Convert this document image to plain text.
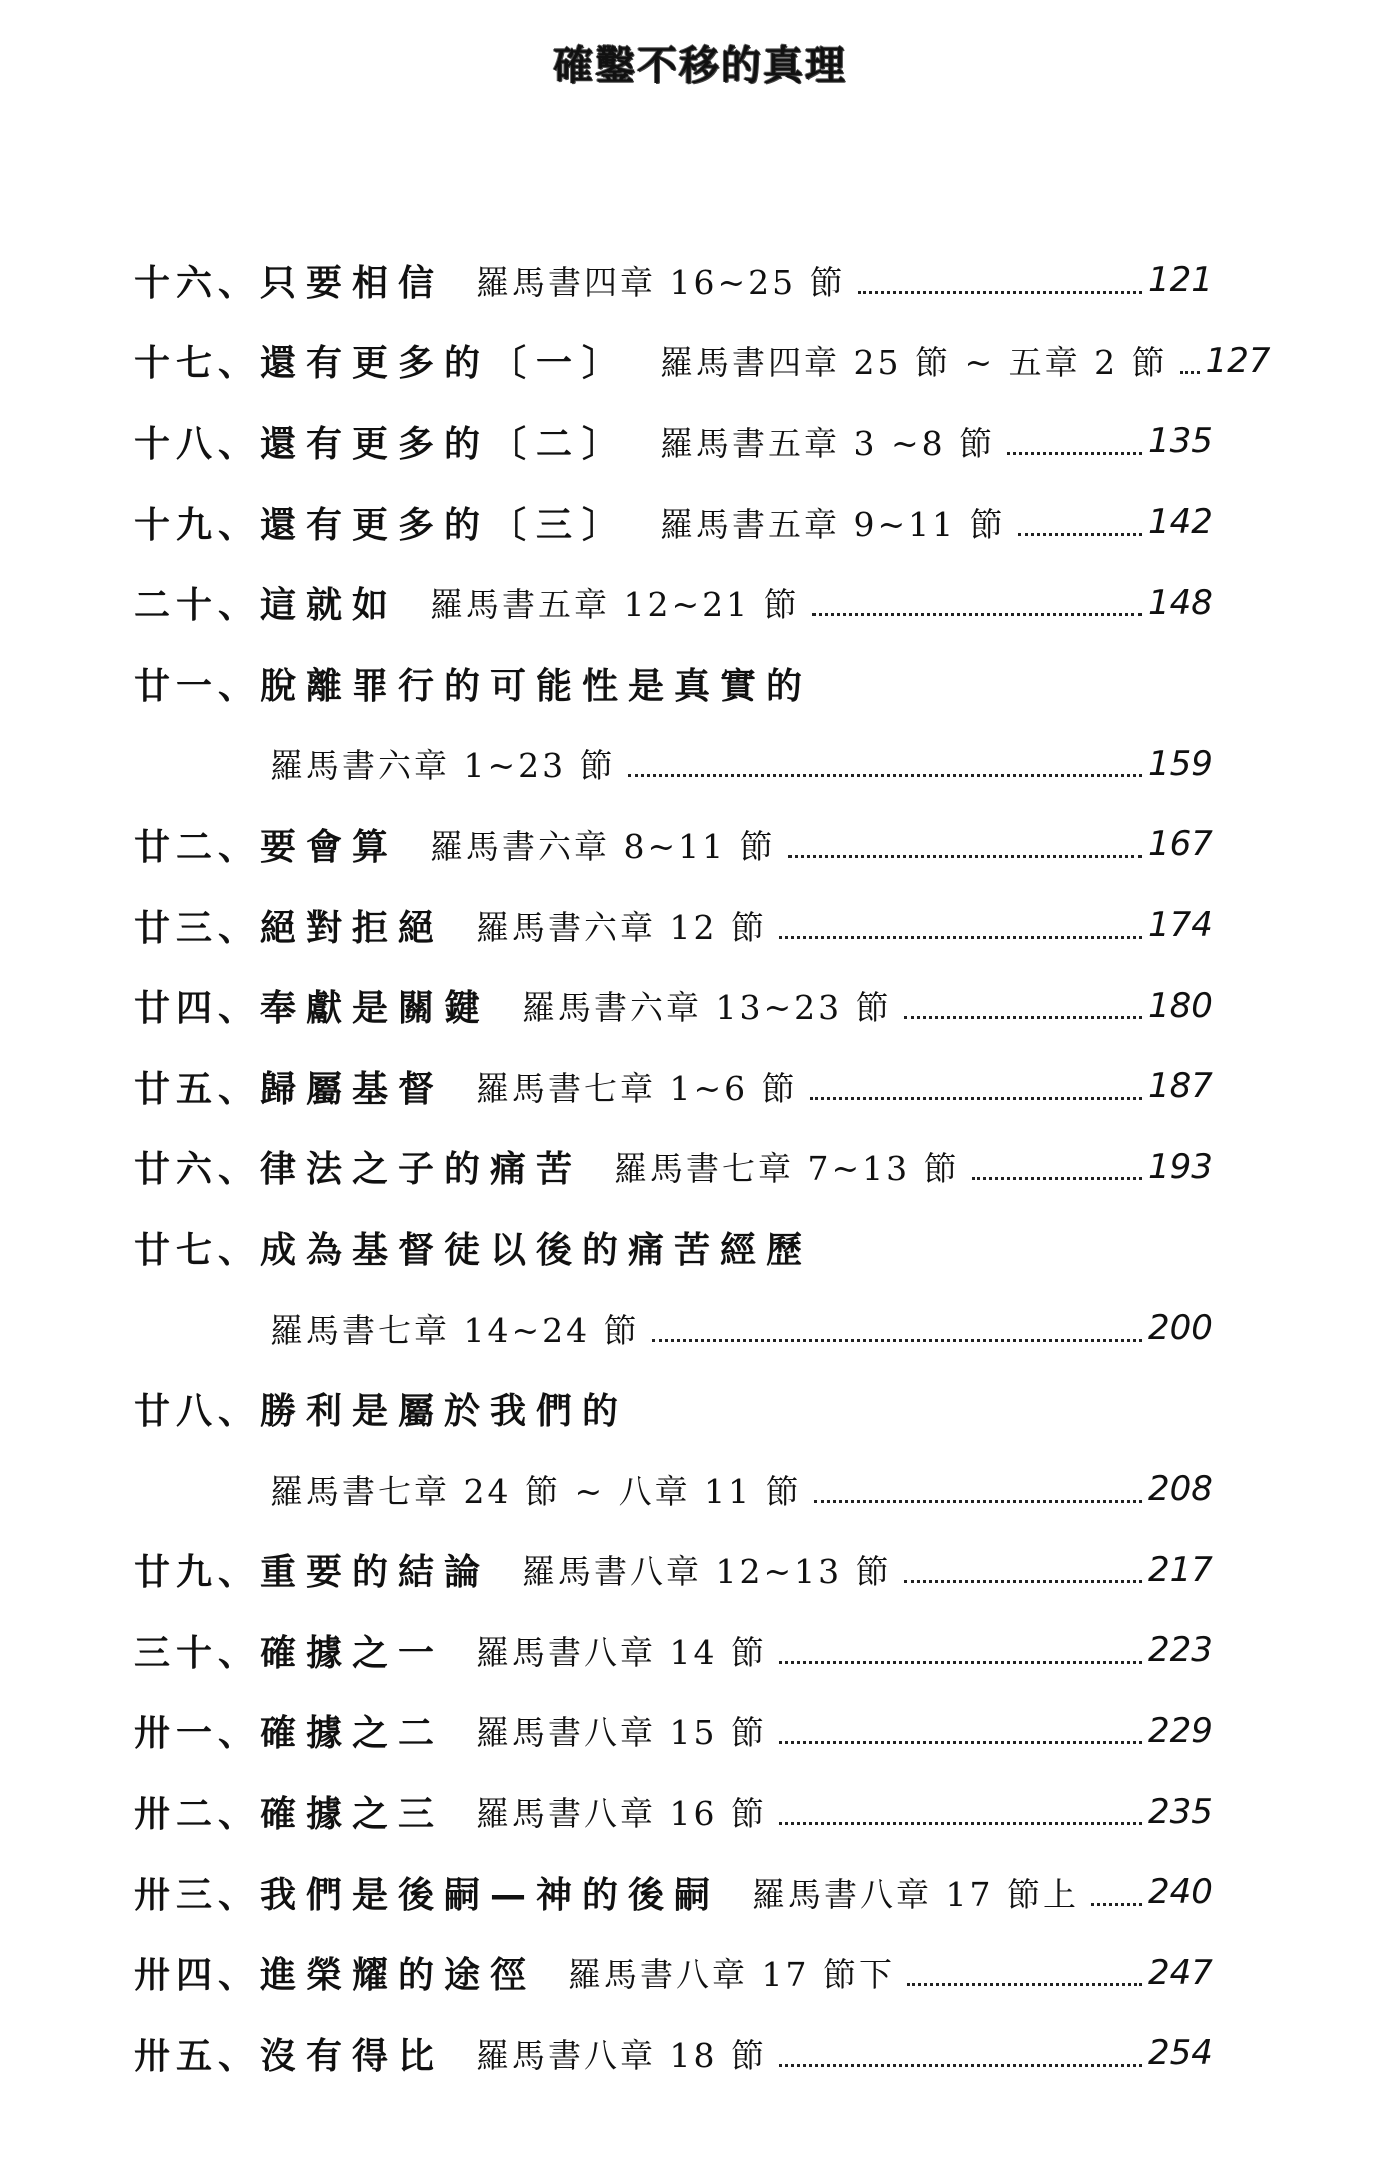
確鑿不移的真理
十六、 只要相信 羅馬書四章 16~25 節	121
十七、 還有更多的〔一〕 羅馬書四章 25 節 ~ 五章 2 節 127
十八、 還有更多的〔二〕 羅馬書五章 3 ~8 節	135
十九、 還有更多的〔三〕 羅馬書五章 9~11 節	142
二十、 這就如 羅馬書五章 12~21 節	148
廿一、 脫離罪行的可能性是真實的
羅馬書六章 1~23 節	159
廿二、 要會算 羅馬書六章 8~11 節	167
廿三、 絕對拒絕 羅馬書六章 12 節	174
廿四、 奉獻是關鍵 羅馬書六章 13~23 節	180
廿五、 歸屬基督 羅馬書七章 1~6 節	187
廿六、 律法之子的痛苦 羅馬書七章 7~13 節	193
廿七、 成為基督徒以後的痛苦經歷
羅馬書七章 14~24 節	200
廿八、 勝利是屬於我們的
羅馬書七章 24 節 ~ 八章 11 節	208
廿九、 重要的結論 羅馬書八章 12~13 節	217
三十、 確據之一 羅馬書八章 14 節	223
卅一、 確據之二 羅馬書八章 15 節	229
卅二、 確據之三 羅馬書八章 16 節	235
卅三、 我們是後嗣—神的後嗣 羅馬書八章 17 節上 240
卅四、 進榮耀的途徑 羅馬書八章 17 節下	247
卅五、 沒有得比 羅馬書八章 18 節	254
